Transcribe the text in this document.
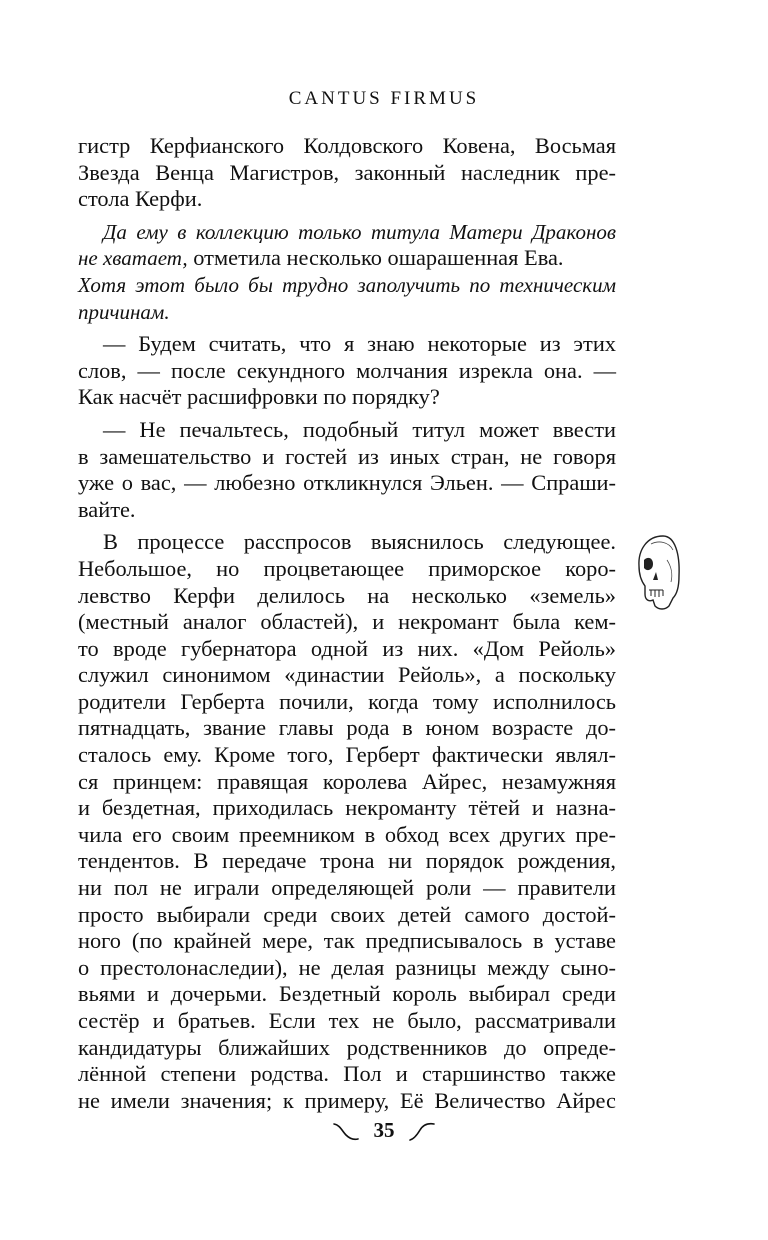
CANTUS FIRMUS
гистр Керфианского Колдовского Ковена, Восьмая
Звезда Венца Магистров, законный наследник пре-
стола Керфи.
Да ему в коллекцию только титула Матери Драконов
не хватает, отметила несколько ошарашенная Ева.
Хотя этот было бы трудно заполучить по техническим
причинам.
— Будем считать, что я знаю некоторые из этих
слов, — после секундного молчания изрекла она. —
Как насчёт расшифровки по порядку?
— Не печальтесь, подобный титул может ввести
в замешательство и гостей из иных стран, не говоря
уже о вас, — любезно откликнулся Эльен. — Спраши-
вайте.
В процессе расспросов выяснилось следующее.
Небольшое, но процветающее приморское коро-
левство Керфи делилось на несколько «земель»
(местный аналог областей), и некромант была кем-
то вроде губернатора одной из них. «Дом Рейоль»
служил синонимом «династии Рейоль», а поскольку
родители Герберта почили, когда тому исполнилось
пятнадцать, звание главы рода в юном возрасте до-
сталось ему. Кроме того, Герберт фактически являл-
ся принцем: правящая королева Айрес, незамужняя
и бездетная, приходилась некроманту тётей и назна-
чила его своим преемником в обход всех других пре-
тендентов. В передаче трона ни порядок рождения,
ни пол не играли определяющей роли — правители
просто выбирали среди своих детей самого достой-
ного (по крайней мере, так предписывалось в уставе
о престолонаследии), не делая разницы между сыно-
вьями и дочерьми. Бездетный король выбирал среди
сестёр и братьев. Если тех не было, рассматривали
кандидатуры ближайших родственников до опреде-
лённой степени родства. Пол и старшинство также
не имели значения; к примеру, Её Величество Айрес
35
